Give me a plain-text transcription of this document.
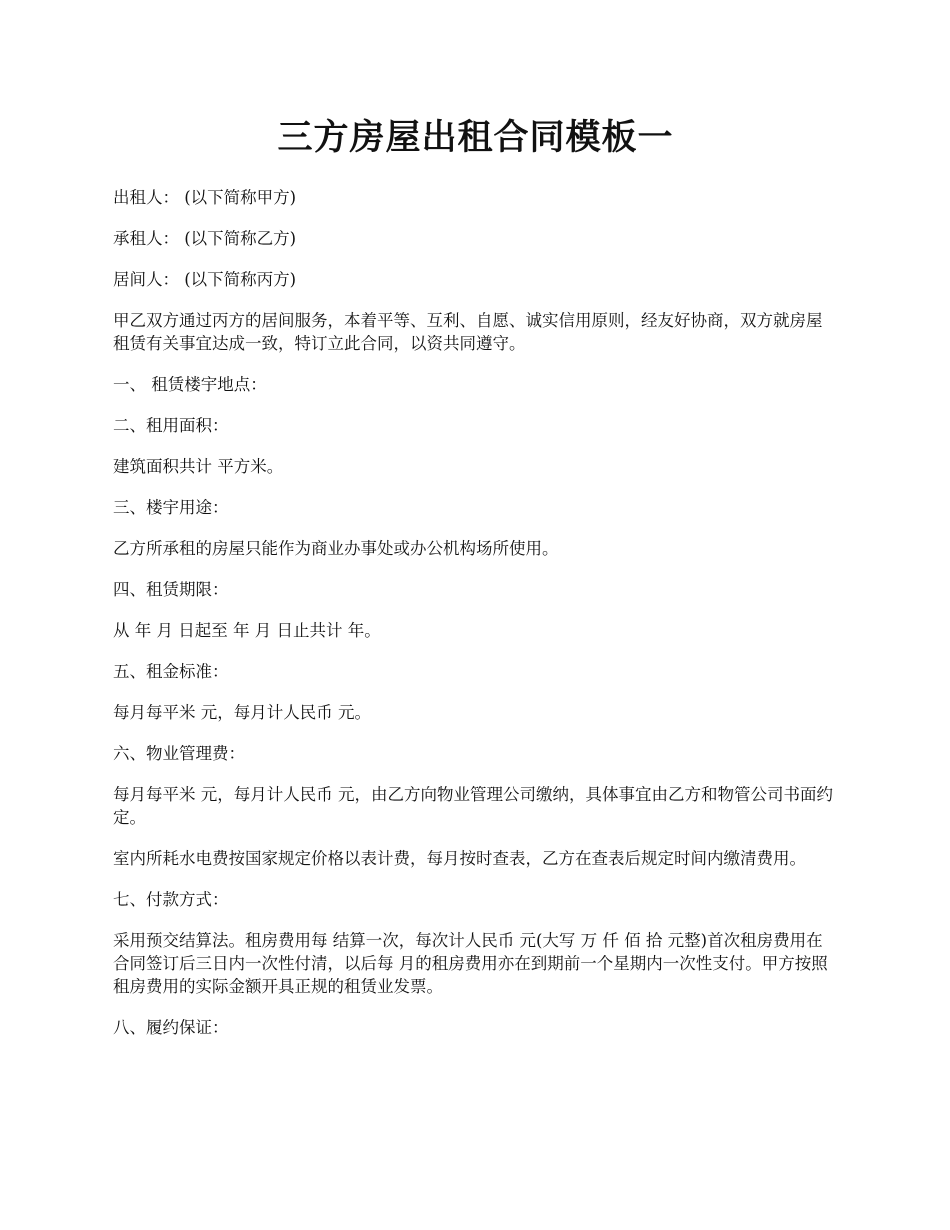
三方房屋出租合同模板一

出租人： (以下简称甲方)

承租人： (以下简称乙方)

居间人： (以下简称丙方)

甲乙双方通过丙方的居间服务，本着平等、互利、自愿、诚实信用原则，经友好协商，双方就房屋租赁有关事宜达成一致，特订立此合同，以资共同遵守。

一、 租赁楼宇地点：

二、租用面积：

建筑面积共计 平方米。

三、楼宇用途：

乙方所承租的房屋只能作为商业办事处或办公机构场所使用。

四、租赁期限：

从 年 月 日起至 年 月 日止共计 年。

五、租金标准：

每月每平米 元，每月计人民币 元。

六、物业管理费：

每月每平米 元，每月计人民币 元，由乙方向物业管理公司缴纳，具体事宜由乙方和物管公司书面约定。

室内所耗水电费按国家规定价格以表计费，每月按时查表，乙方在查表后规定时间内缴清费用。

七、付款方式：

采用预交结算法。租房费用每 结算一次，每次计人民币 元(大写 万 仟 佰 拾 元整)首次租房费用在合同签订后三日内一次性付清，以后每 月的租房费用亦在到期前一个星期内一次性支付。甲方按照租房费用的实际金额开具正规的租赁业发票。

八、履约保证：
